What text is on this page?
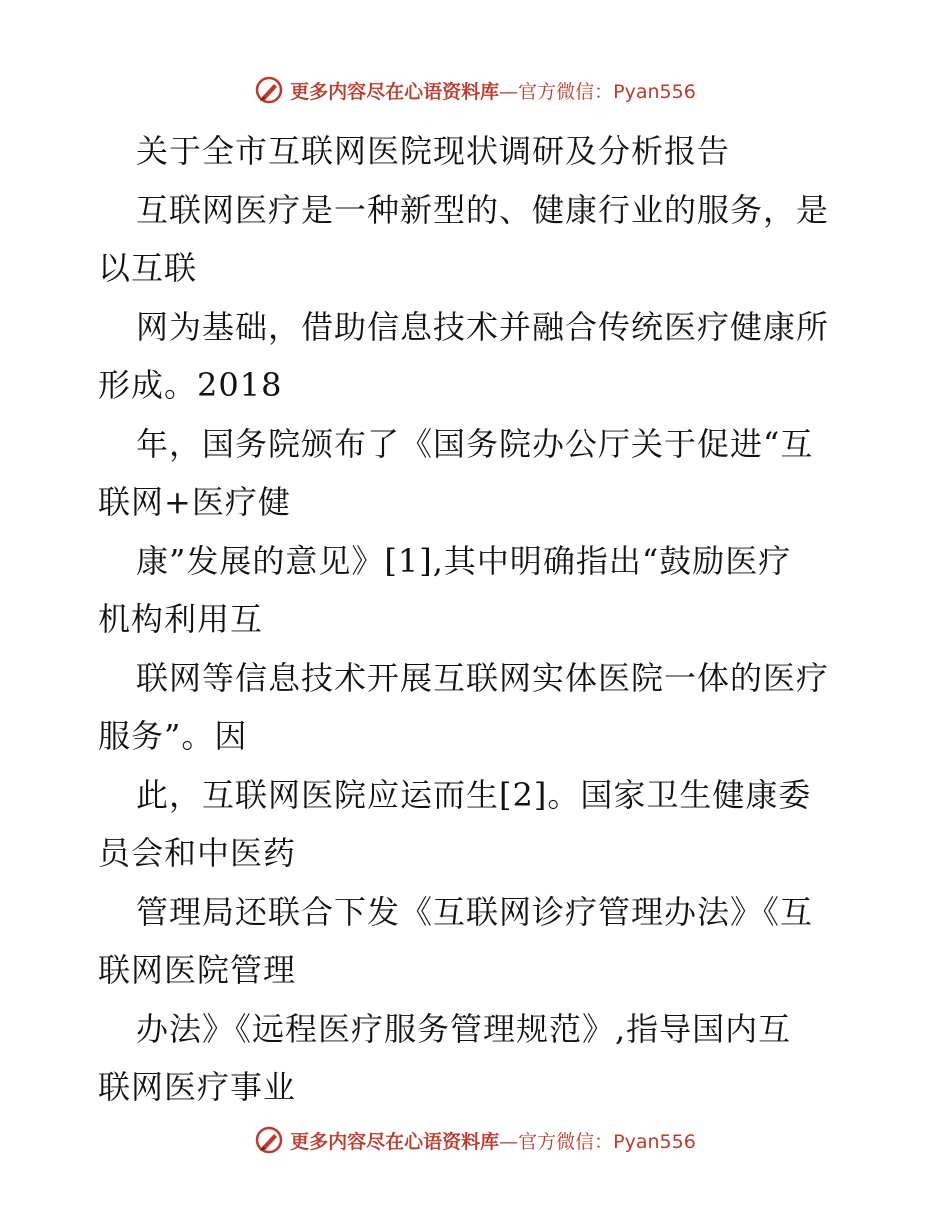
更多内容尽在心语资料库—官方微信：Pyan556
关于全市互联网医院现状调研及分析报告
互联网医疗是一种新型的、健康行业的服务，是
以互联
网为基础，借助信息技术并融合传统医疗健康所
形成。2018
年，国务院颁布了《国务院办公厅关于促进“互
联网+医疗健
康”发展的意见》[1],其中明确指出“鼓励医疗
机构利用互
联网等信息技术开展互联网实体医院一体的医疗
服务”。因
此，互联网医院应运而生[2]。国家卫生健康委
员会和中医药
管理局还联合下发《互联网诊疗管理办法》《互
联网医院管理
办法》《远程医疗服务管理规范》,指导国内互
联网医疗事业
更多内容尽在心语资料库—官方微信：Pyan556
